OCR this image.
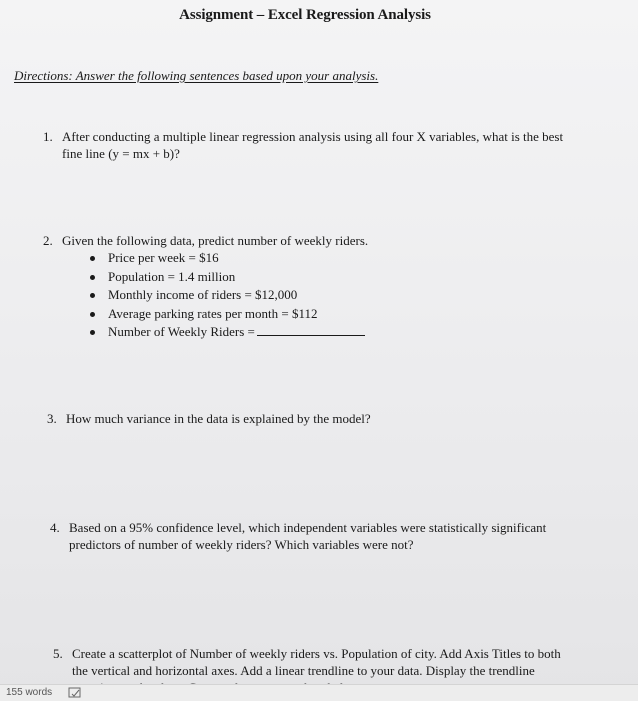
Assignment – Excel Regression Analysis
Directions: Answer the following sentences based upon your analysis.
1. After conducting a multiple linear regression analysis using all four X variables, what is the best fine line (y = mx + b)?
2. Given the following data, predict number of weekly riders.
Price per week = $16
Population = 1.4 million
Monthly income of riders = $12,000
Average parking rates per month = $112
Number of Weekly Riders =
3. How much variance in the data is explained by the model?
4. Based on a 95% confidence level, which independent variables were statistically significant predictors of number of weekly riders? Which variables were not?
5. Create a scatterplot of Number of weekly riders vs. Population of city. Add Axis Titles to both the vertical and horizontal axes. Add a linear trendline to your data. Display the trendline
155 words
